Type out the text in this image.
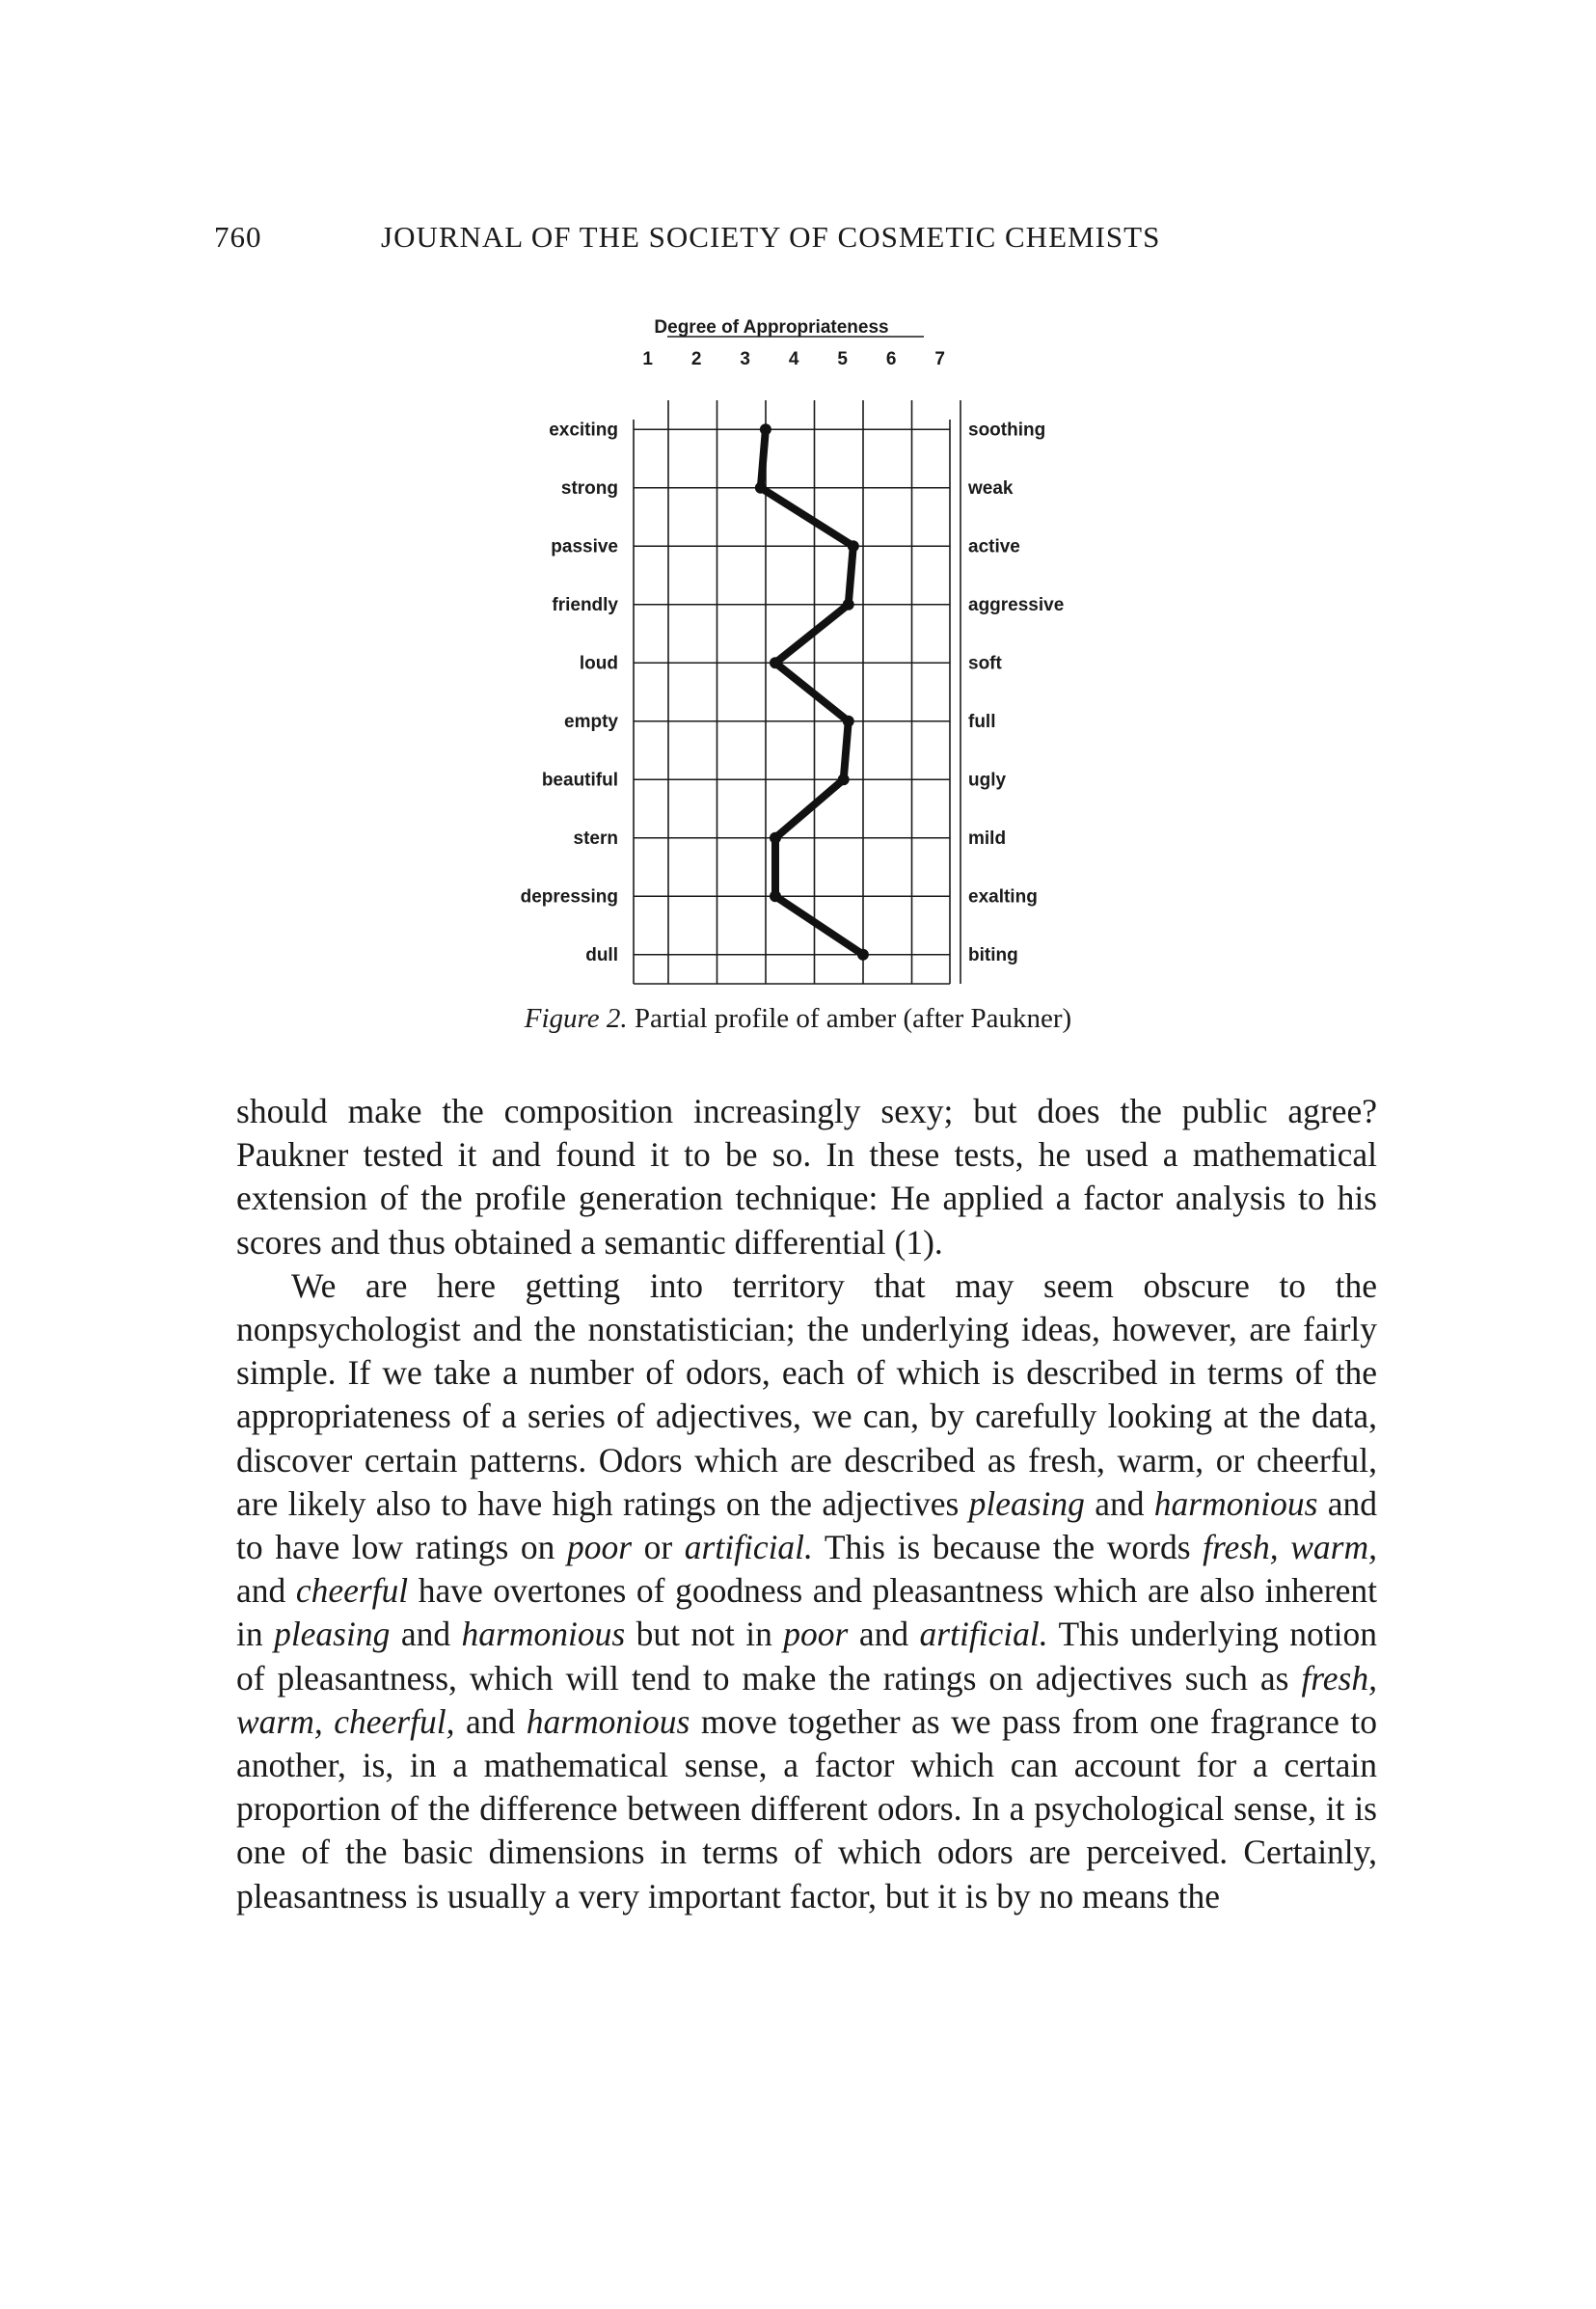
760	JOURNAL OF THE SOCIETY OF COSMETIC CHEMISTS
Degree of Appropriateness
1 2 3 4 5 6 7
exciting	soothing
strong	weak
passive	active
friendly	aggressive
loud	soft
empty	full
beautiful	ugly
stern	mild
depressing	exalting
dull	biting
Figure 2. Partial profile of amber (after Paukner)

should make the composition increasingly sexy; but does the public agree? Paukner tested it and found it to be so. In these tests, he used a mathematical extension of the profile generation technique: He applied a factor analysis to his scores and thus obtained a semantic differential (1).

We are here getting into territory that may seem obscure to the nonpsychologist and the nonstatistician; the underlying ideas, however, are fairly simple. If we take a number of odors, each of which is described in terms of the appropriateness of a series of adjectives, we can, by carefully looking at the data, discover certain patterns. Odors which are described as fresh, warm, or cheerful, are likely also to have high ratings on the adjectives pleasing and harmonious and to have low ratings on poor or artificial. This is because the words fresh, warm, and cheerful have overtones of goodness and pleasantness which are also inherent in pleasing and harmonious but not in poor and artificial. This underlying notion of pleasantness, which will tend to make the ratings on adjectives such as fresh, warm, cheerful, and harmonious move together as we pass from one fragrance to another, is, in a mathematical sense, a factor which can account for a certain proportion of the difference between different odors. In a psychological sense, it is one of the basic dimensions in terms of which odors are perceived. Certainly, pleasantness is usually a very important factor, but it is by no means the
